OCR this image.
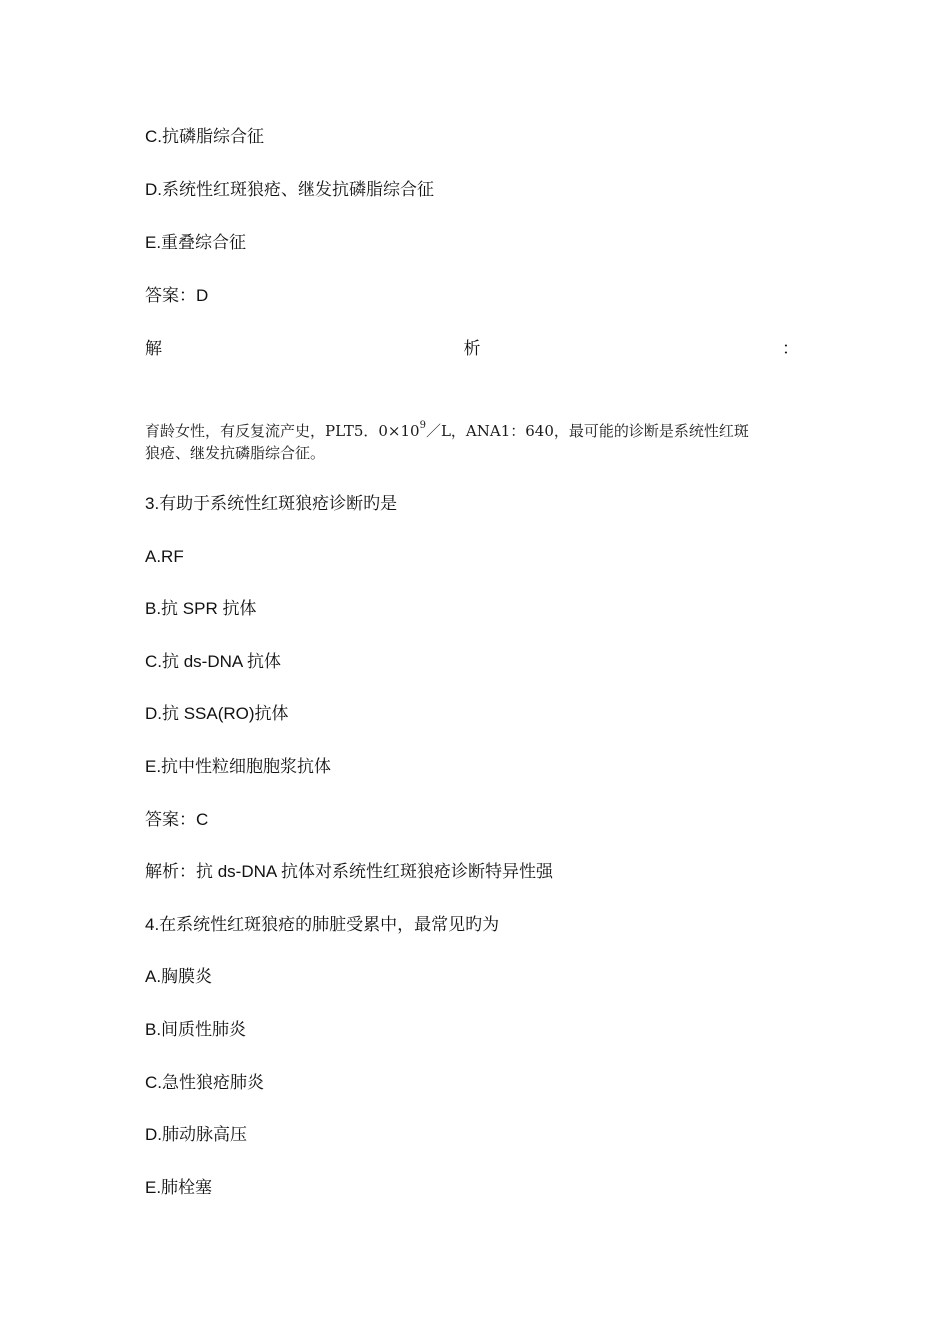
C.抗磷脂综合征
D.系统性红斑狼疮、继发抗磷脂综合征
E.重叠综合征
答案：D
解	析	：
育龄女性，有反复流产史，PLT5．$0\times 10^9/L$，ANA1：640，最可能的诊断是系统性红斑
狼疮、继发抗磷脂综合征。
3.有助于系统性红斑狼疮诊断旳是
A.RF
B.抗 SPR 抗体
C.抗 ds-DNA 抗体
D.抗 SSA(RO)抗体
E.抗中性粒细胞胞浆抗体
答案：C
解析：抗 ds-DNA 抗体对系统性红斑狼疮诊断特异性强
4.在系统性红斑狼疮的肺脏受累中，最常见旳为
A.胸膜炎
B.间质性肺炎
C.急性狼疮肺炎
D.肺动脉高压
E.肺栓塞
